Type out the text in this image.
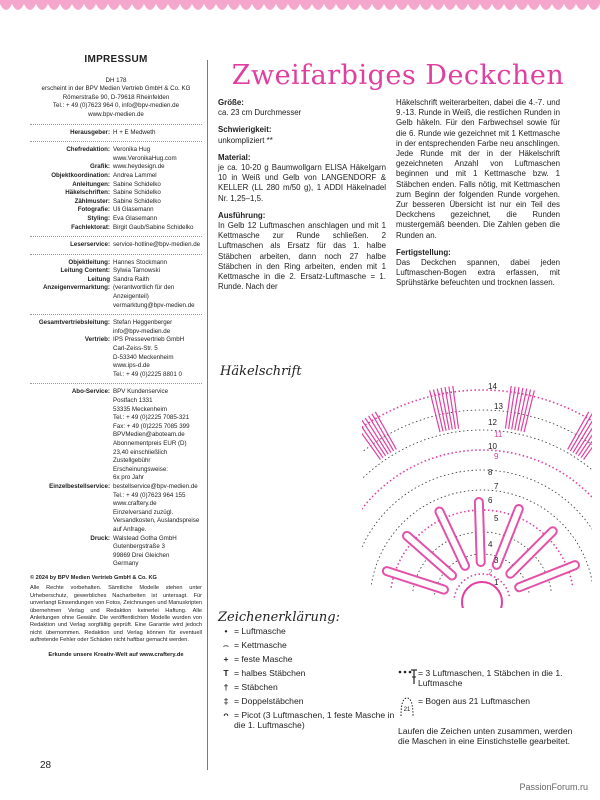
IMPRESSUM
DH 178
erscheint in der BPV Medien Vertrieb GmbH & Co. KG
Römerstraße 90, D-79618 Rheinfelden
Tel.: + 49 (0)7623 964 0, info@bpv-medien.de
www.bpv-medien.de
Herausgeber: H + E Medweth
Chefredaktion: Veronika Hug
www.VeronikaHug.com
Grafik: www.heydesign.de
Objektkoordination: Andrea Lammel
Anleitungen: Sabine Schidelko
Häkelschriften: Sabine Schidelko
Zählmuster: Sabine Schidelko
Fotografie: Uli Glasemann
Styling: Eva Glasemann
Fachlektorat: Birgit Gaub/Sabine Schidelko
Leserservice: service-hotline@bpv-medien.de
Objektleitung: Hannes Stockmann
Leitung Content: Sylwia Tarnowski
Leitung Anzeigenvermarktung:
Sandra Raith
(verantwortlich für den
Anzeigenteil)
vermarktung@bpv-medien.de
Gesamtvertriebsleitung: Stefan Heggenberger
info@bpv-medien.de
Vertrieb: IPS Pressevertrieb GmbH
Carl-Zeiss-Str. 5
D-53340 Meckenheim
www.ips-d.de
Tel.: + 49 (0)2225 8801 0
Abo-Service: BPV Kundenservice
Postfach 1331
53335 Meckenheim
Tel.: + 49 (0)2225 7085-321
Fax: + 49 (0)2225 7085 399
BPVMedien@aboteam.de
Abonnementpreis EUR (D)
23,40 einschließlich
Zustellgebühr
Erscheinungsweise:
6x pro Jahr
Einzelbestellservice: bestellservice@bpv-medien.de
Tel.: + 49 (0)7623 964 155
www.craftery.de
Einzelversand zuzügl.
Versandkosten, Auslandspreise
auf Anfrage.
Druck: Walstead Gotha GmbH
Gutenbergstraße 3
99869 Drei Gleichen
Germany
© 2024 by BPV Medien Vertrieb GmbH & Co. KG
Alle Rechte vorbehalten. Sämtliche Modelle stehen unter Urheberschutz, gewerbliches Nacharbeiten ist untersagt. Für unverlangt Einsendungen von Fotos, Zeichnungen und Manuskripten übernehmen Verlag und Redaktion keinerlei Haftung. Alle Anleitungen ohne Gewähr. Die veröffentlichten Modelle wurden von Redaktion und Verlag sorgfältig geprüft. Eine Garantie wird jedoch nicht übernommen. Redaktion und Verlag können für eventuell auftretende Fehler oder Schäden nicht haftbar gemacht werden.
Erkunde unsere Kreativ-Welt auf www.craftery.de
Zweifarbiges Deckchen
Größe:
ca. 23 cm Durchmesser
Schwierigkeit:
unkompliziert **
Material:
je ca. 10-20 g Baumwollgarn ELISA Häkelgarn 10 in Weiß und Gelb von LANGENDORF & KELLER (LL 280 m/50 g), 1 ADDI Häkelnadel Nr. 1,25–1,5.
Ausführung:
In Gelb 12 Luftmaschen anschlagen und mit 1 Kettmasche zur Runde schließen. 2 Luftmaschen als Ersatz für das 1. halbe Stäbchen arbeiten, dann noch 27 halbe Stäbchen in den Ring arbeiten, enden mit 1 Kettmasche in die 2. Ersatz-Luftmasche = 1. Runde. Nach der
Häkelschrift weiterarbeiten, dabei die 4.-7. und 9.-13. Runde in Weiß, die restlichen Runden in Gelb häkeln. Für den Farbwechsel sowie für die 6. Runde wie gezeichnet mit 1 Kettmasche in der entsprechenden Farbe neu anschlingen. Jede Runde mit der in der Häkelschrift gezeichneten Anzahl von Luftmaschen beginnen und mit 1 Kettmasche bzw. 1 Stäbchen enden. Falls nötig, mit Kettmaschen zum Beginn der folgenden Runde vorgehen. Zur besseren Übersicht ist nur ein Teil des Deckchens gezeichnet, die Runden mustergemäß beenden. Die Zahlen geben die Runden an.
Fertigstellung:
Das Deckchen spannen, dabei jeden Luftmaschen-Bogen extra erfassen, mit Sprühstärke befeuchten und trocknen lassen.
Häkelschrift
14
13
12
11
10
9
8
7
6
5
4
3
2
1
Zeichenerklärung:
• = Luftmasche
⌢ = Kettmasche
+ = feste Masche
T = halbes Stäbchen
† = Stäbchen
‡ = Doppelstäbchen
ᴖ = Picot (3 Luftmaschen, 1 feste Masche in die 1. Luftmasche)
= 3 Luftmaschen, 1 Stäbchen in die 1. Luftmasche
21
= Bogen aus 21 Luftmaschen
Laufen die Zeichen unten zusammen, werden die Maschen in eine Einstichstelle gearbeitet.
28
PassionForum.ru
